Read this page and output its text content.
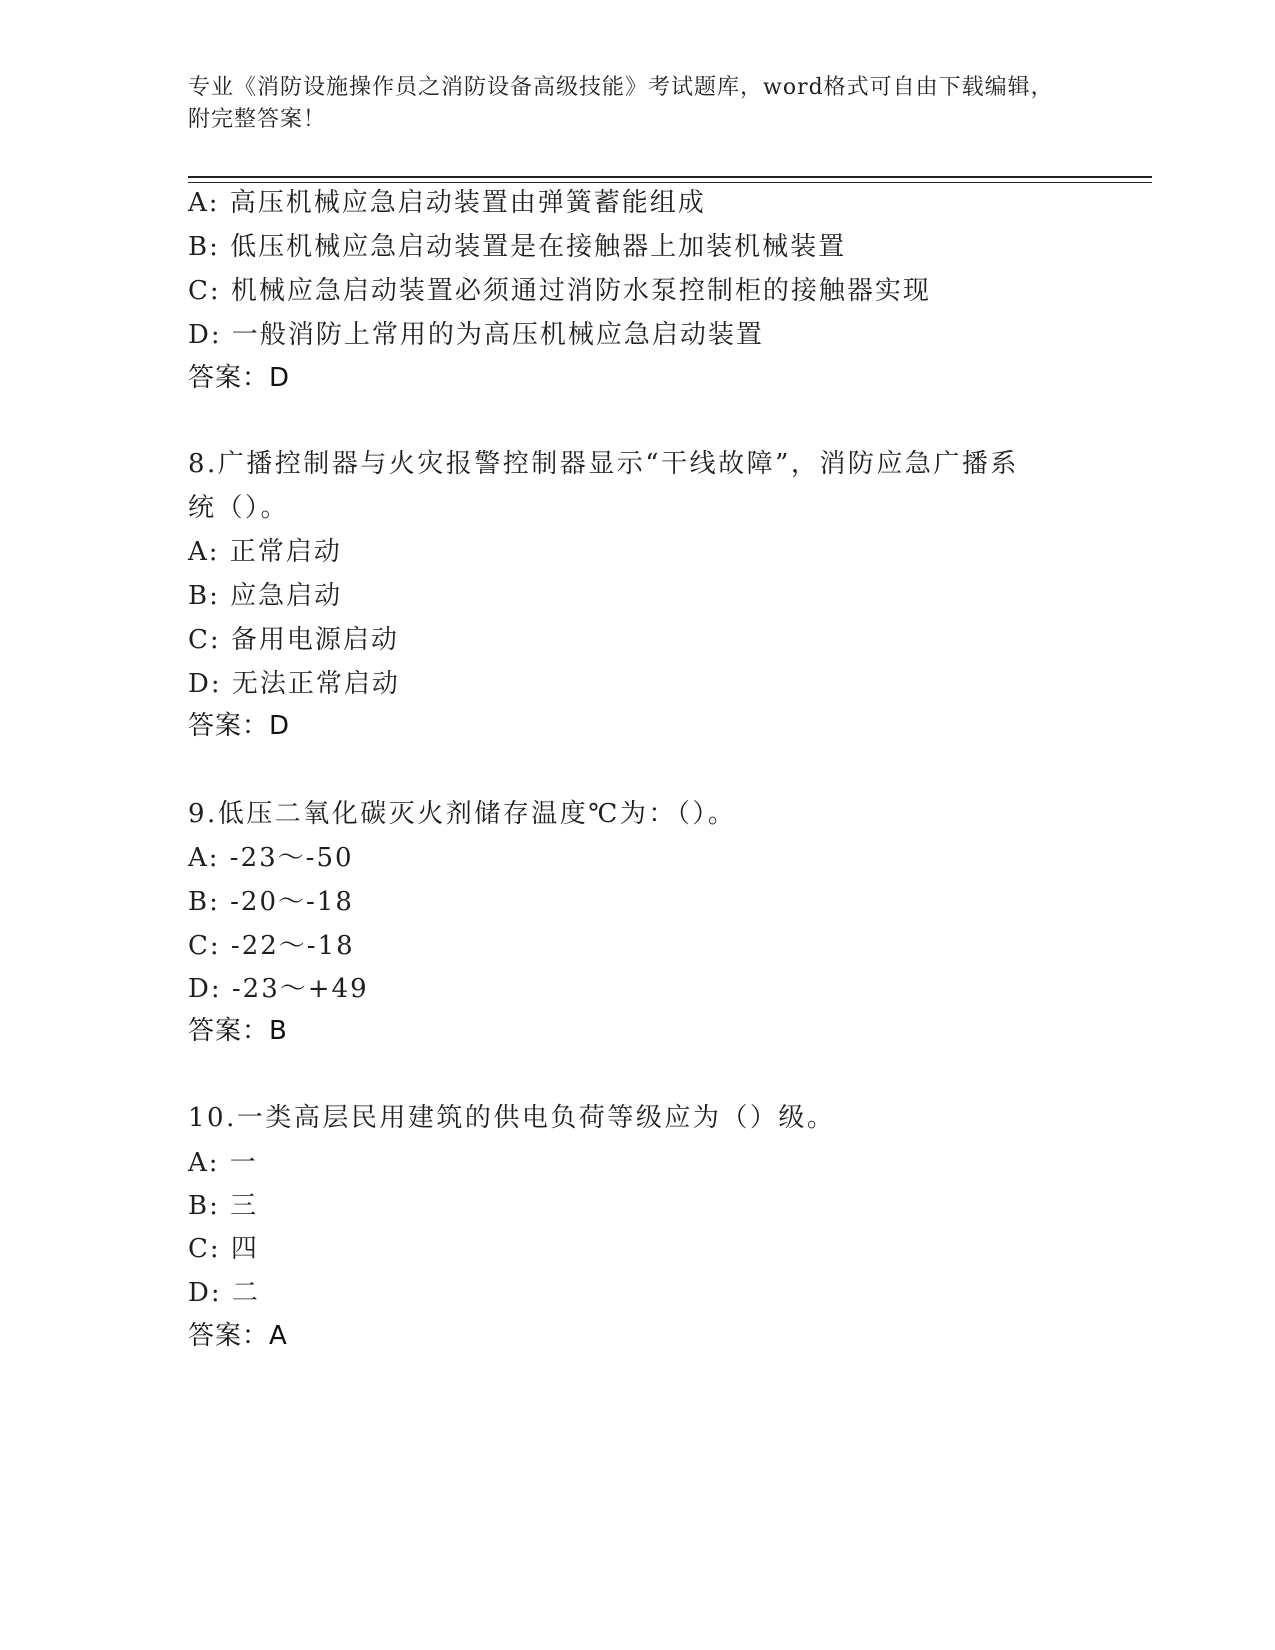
专业《消防设施操作员之消防设备高级技能》考试题库，word格式可自由下载编辑，附完整答案！
A: 高压机械应急启动装置由弹簧蓄能组成
B: 低压机械应急启动装置是在接触器上加装机械装置
C: 机械应急启动装置必须通过消防水泵控制柜的接触器实现
D: 一般消防上常用的为高压机械应急启动装置
答案：D
8.广播控制器与火灾报警控制器显示“干线故障”，消防应急广播系
统（）。
A: 正常启动
B: 应急启动
C: 备用电源启动
D: 无法正常启动
答案：D
9.低压二氧化碳灭火剂储存温度℃为：（）。
A: -23～-50
B: -20～-18
C: -22～-18
D: -23～+49
答案：B
10.一类高层民用建筑的供电负荷等级应为（）级。
A: 一
B: 三
C: 四
D: 二
答案：A
